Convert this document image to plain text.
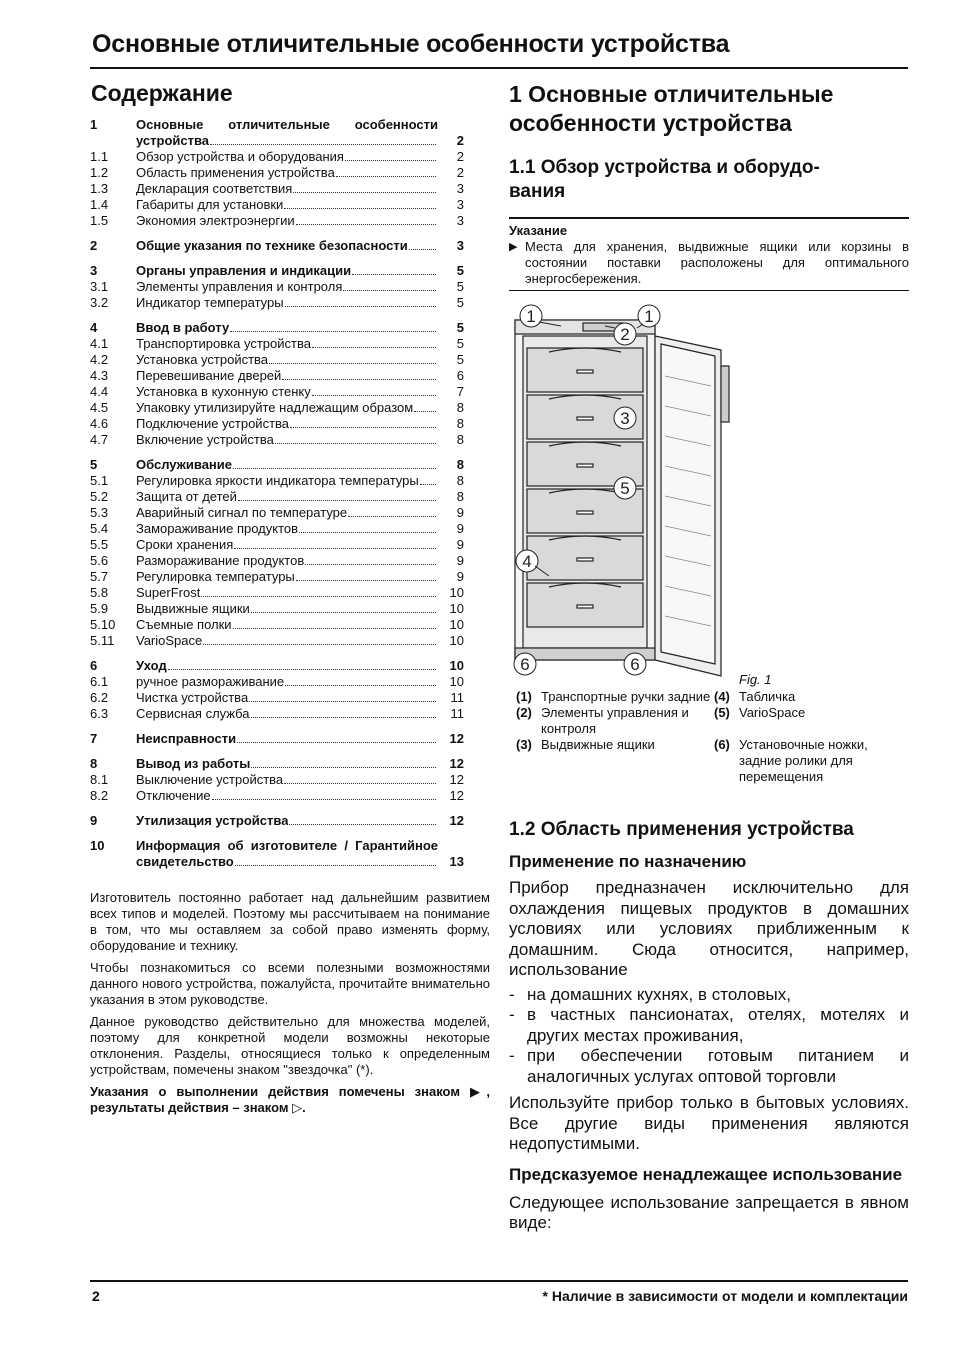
Основные отличительные особенности устройства
Содержание
1	Основные отличительные особенности
устройства	2
1.1	Обзор устройства и оборудования	2
1.2	Область применения устройства	2
1.3	Декларация соответствия	3
1.4	Габариты для установки	3
1.5	Экономия электроэнергии	3
2	Общие указания по технике безопасности	3
3	Органы управления и индикации	5
3.1	Элементы управления и контроля	5
3.2	Индикатор температуры	5
4	Ввод в работу	5
4.1	Транспортировка устройства	5
4.2	Установка устройства	5
4.3	Перевешивание дверей	6
4.4	Установка в кухонную стенку	7
4.5	Упаковку утилизируйте надлежащим образом	8
4.6	Подключение устройства	8
4.7	Включение устройства	8
5	Обслуживание	8
5.1	Регулировка яркости индикатора температуры	8
5.2	Защита от детей	8
5.3	Аварийный сигнал по температуре	9
5.4	Замораживание продуктов	9
5.5	Сроки хранения	9
5.6	Размораживание продуктов	9
5.7	Регулировка температуры	9
5.8	SuperFrost	10
5.9	Выдвижные ящики	10
5.10	Съемные полки	10
5.11	VarioSpace	10
6	Уход	10
6.1	ручное размораживание	10
6.2	Чистка устройства	11
6.3	Сервисная служба	11
7	Неисправности	12
8	Вывод из работы	12
8.1	Выключение устройства	12
8.2	Отключение	12
9	Утилизация устройства	12
10	Информация об изготовителе / Гарантийное
свидетельство	13

Изготовитель постоянно работает над дальнейшим развитием всех типов и моделей. Поэтому мы рассчитываем на понимание в том, что мы оставляем за собой право изменять форму, оборудование и технику.

Чтобы познакомиться со всеми полезными возможностями данного нового устройства, пожалуйста, прочитайте внимательно указания в этом руководстве.

Данное руководство действительно для множества моделей, поэтому для конкретной модели возможны некоторые отклонения. Разделы, относящиеся только к определенным устройствам, помечены знаком "звездочка" (*).

Указания о выполнении действия помечены знаком ▶, результаты действия – знаком ▷.

1 Основные отличительные
особенности устройства
1.1 Обзор устройства и оборудо-
вания
Указание
▶ Места для хранения, выдвижные ящики или корзины в состоянии поставки расположены для оптимального энергосбережения.
1
2
1
3
5
4
6	6
Fig. 1
(1) Транспортные ручки задние (4) Табличка
(2) Элементы управления и контроля
(5) VarioSpace
(3) Выдвижные ящики	(6) Установочные ножки, задние ролики для перемещения
1.2 Область применения устройства
Применение по назначению
Прибор предназначен исключительно для охлаждения пищевых продуктов в домашних условиях или условиях приближенным к домашним. Сюда относится, например, использование
- на домашних кухнях, в столовых,
- в частных пансионатах, отелях, мотелях и других местах проживания,
- при обеспечении готовым питанием и аналогичных услугах оптовой торговли
Используйте прибор только в бытовых условиях. Все другие виды применения являются недопустимыми.
Предсказуемое ненадлежащее использование
Следующее использование запрещается в явном виде:
2	* Наличие в зависимости от модели и комплектации
